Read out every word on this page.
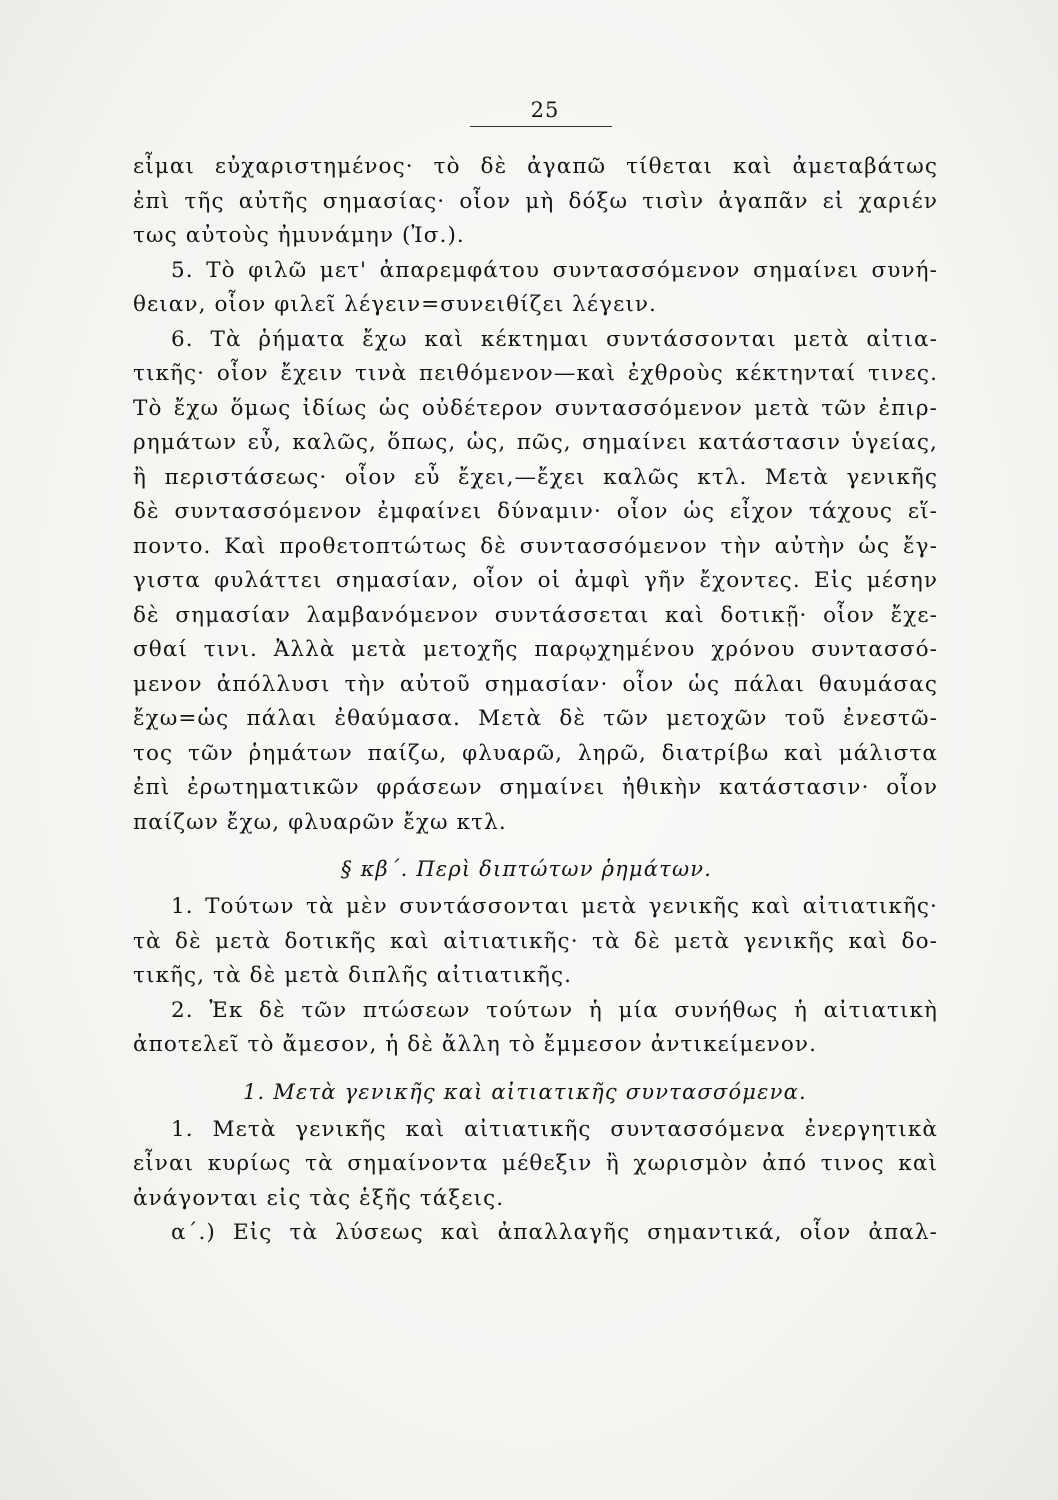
25
εἶμαι εὐχαριστημένος· τὸ δὲ ἀγαπῶ τίθεται καὶ ἀμεταβάτως
ἐπὶ τῆς αὐτῆς σημασίας· οἷον μὴ δόξω τισὶν ἀγαπᾶν εἰ χαριέν
τως αὐτοὺς ἠμυνάμην (Ἰσ.).
5. Τὸ φιλῶ μετ' ἀπαρεμφάτου συντασσόμενον σημαίνει συνή-
θειαν, οἷον φιλεῖ λέγειν=συνειθίζει λέγειν.
6. Τὰ ῥήματα ἔχω καὶ κέκτημαι συντάσσονται μετὰ αἰτια-
τικῆς· οἷον ἔχειν τινὰ πειθόμενον—καὶ ἐχθροὺς κέκτηνταί τινες.
Τὸ ἔχω ὅμως ἰδίως ὡς οὐδέτερον συντασσόμενον μετὰ τῶν ἐπιρ-
ρημάτων εὖ, καλῶς, ὅπως, ὡς, πῶς, σημαίνει κατάστασιν ὑγείας,
ἢ περιστάσεως· οἷον εὖ ἔχει,—ἔχει καλῶς κτλ. Μετὰ γενικῆς
δὲ συντασσόμενον ἐμφαίνει δύναμιν· οἷον ὡς εἶχον τάχους εἵ-
ποντο. Καὶ προθετοπτώτως δὲ συντασσόμενον τὴν αὐτὴν ὡς ἔγ-
γιστα φυλάττει σημασίαν, οἷον οἱ ἀμφὶ γῆν ἔχοντες. Εἰς μέσην
δὲ σημασίαν λαμβανόμενον συντάσσεται καὶ δοτικῇ· οἷον ἔχε-
σθαί τινι. Ἀλλὰ μετὰ μετοχῆς παρῳχημένου χρόνου συντασσό-
μενον ἀπόλλυσι τὴν αὐτοῦ σημασίαν· οἷον ὡς πάλαι θαυμάσας
ἔχω=ὡς πάλαι ἐθαύμασα. Μετὰ δὲ τῶν μετοχῶν τοῦ ἐνεστῶ-
τος τῶν ῥημάτων παίζω, φλυαρῶ, ληρῶ, διατρίβω καὶ μάλιστα
ἐπὶ ἐρωτηματικῶν φράσεων σημαίνει ἠθικὴν κατάστασιν· οἷον
παίζων ἔχω, φλυαρῶν ἔχω κτλ.
§ κβ΄. Περὶ διπτώτων ῥημάτων.
1. Τούτων τὰ μὲν συντάσσονται μετὰ γενικῆς καὶ αἰτιατικῆς·
τὰ δὲ μετὰ δοτικῆς καὶ αἰτιατικῆς· τὰ δὲ μετὰ γενικῆς καὶ δο-
τικῆς, τὰ δὲ μετὰ διπλῆς αἰτιατικῆς.
2. Ἐκ δὲ τῶν πτώσεων τούτων ἡ μία συνήθως ἡ αἰτιατικὴ
ἀποτελεῖ τὸ ἄμεσον, ἡ δὲ ἄλλη τὸ ἔμμεσον ἀντικείμενον.
1. Μετὰ γενικῆς καὶ αἰτιατικῆς συντασσόμενα.
1. Μετὰ γενικῆς καὶ αἰτιατικῆς συντασσόμενα ἐνεργητικὰ
εἶναι κυρίως τὰ σημαίνοντα μέθεξιν ἢ χωρισμὸν ἀπό τινος καὶ
ἀνάγονται εἰς τὰς ἑξῆς τάξεις.
α΄.) Εἰς τὰ λύσεως καὶ ἀπαλλαγῆς σημαντικά, οἷον ἀπαλ-
